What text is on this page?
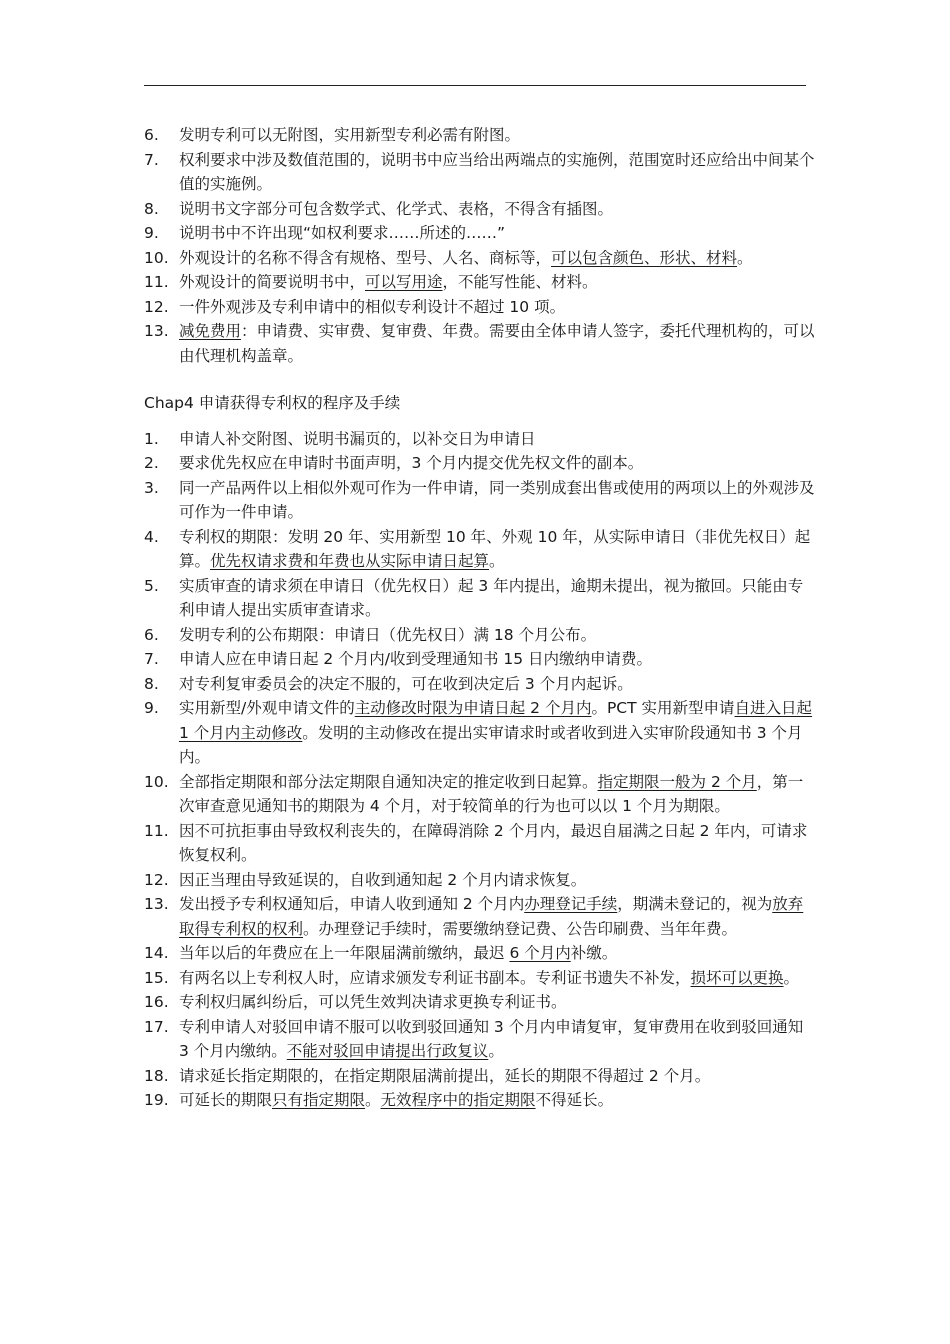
6. 发明专利可以无附图，实用新型专利必需有附图。
7. 权利要求中涉及数值范围的，说明书中应当给出两端点的实施例，范围宽时还应给出中间某个值的实施例。
8. 说明书文字部分可包含数学式、化学式、表格，不得含有插图。
9. 说明书中不许出现“如权利要求……所述的……”
10. 外观设计的名称不得含有规格、型号、人名、商标等，可以包含颜色、形状、材料。
11. 外观设计的简要说明书中，可以写用途，不能写性能、材料。
12. 一件外观涉及专利申请中的相似专利设计不超过 10 项。
13. 减免费用：申请费、实审费、复审费、年费。需要由全体申请人签字，委托代理机构的，可以由代理机构盖章。
Chap4 申请获得专利权的程序及手续
1. 申请人补交附图、说明书漏页的，以补交日为申请日
2. 要求优先权应在申请时书面声明，3 个月内提交优先权文件的副本。
3. 同一产品两件以上相似外观可作为一件申请，同一类别成套出售或使用的两项以上的外观涉及可作为一件申请。
4. 专利权的期限：发明 20 年、实用新型 10 年、外观 10 年，从实际申请日（非优先权日）起算。优先权请求费和年费也从实际申请日起算。
5. 实质审查的请求须在申请日（优先权日）起 3 年内提出，逾期未提出，视为撤回。只能由专利申请人提出实质审查请求。
6. 发明专利的公布期限：申请日（优先权日）满 18 个月公布。
7. 申请人应在申请日起 2 个月内/收到受理通知书 15 日内缴纳申请费。
8. 对专利复审委员会的决定不服的，可在收到决定后 3 个月内起诉。
9. 实用新型/外观申请文件的主动修改时限为申请日起 2 个月内。PCT 实用新型申请自进入日起 1 个月内主动修改。发明的主动修改在提出实审请求时或者收到进入实审阶段通知书 3 个月内。
10. 全部指定期限和部分法定期限自通知决定的推定收到日起算。指定期限一般为 2 个月，第一次审查意见通知书的期限为 4 个月，对于较简单的行为也可以以 1 个月为期限。
11. 因不可抗拒事由导致权利丧失的，在障碍消除 2 个月内，最迟自届满之日起 2 年内，可请求恢复权利。
12. 因正当理由导致延误的，自收到通知起 2 个月内请求恢复。
13. 发出授予专利权通知后，申请人收到通知 2 个月内办理登记手续，期满未登记的，视为放弃取得专利权的权利。办理登记手续时，需要缴纳登记费、公告印刷费、当年年费。
14. 当年以后的年费应在上一年限届满前缴纳，最迟 6 个月内补缴。
15. 有两名以上专利权人时，应请求颁发专利证书副本。专利证书遗失不补发，损坏可以更换。
16. 专利权归属纠纷后，可以凭生效判决请求更换专利证书。
17. 专利申请人对驳回申请不服可以收到驳回通知 3 个月内申请复审，复审费用在收到驳回通知 3 个月内缴纳。不能对驳回申请提出行政复议。
18. 请求延长指定期限的，在指定期限届满前提出，延长的期限不得超过 2 个月。
19. 可延长的期限只有指定期限。无效程序中的指定期限不得延长。
